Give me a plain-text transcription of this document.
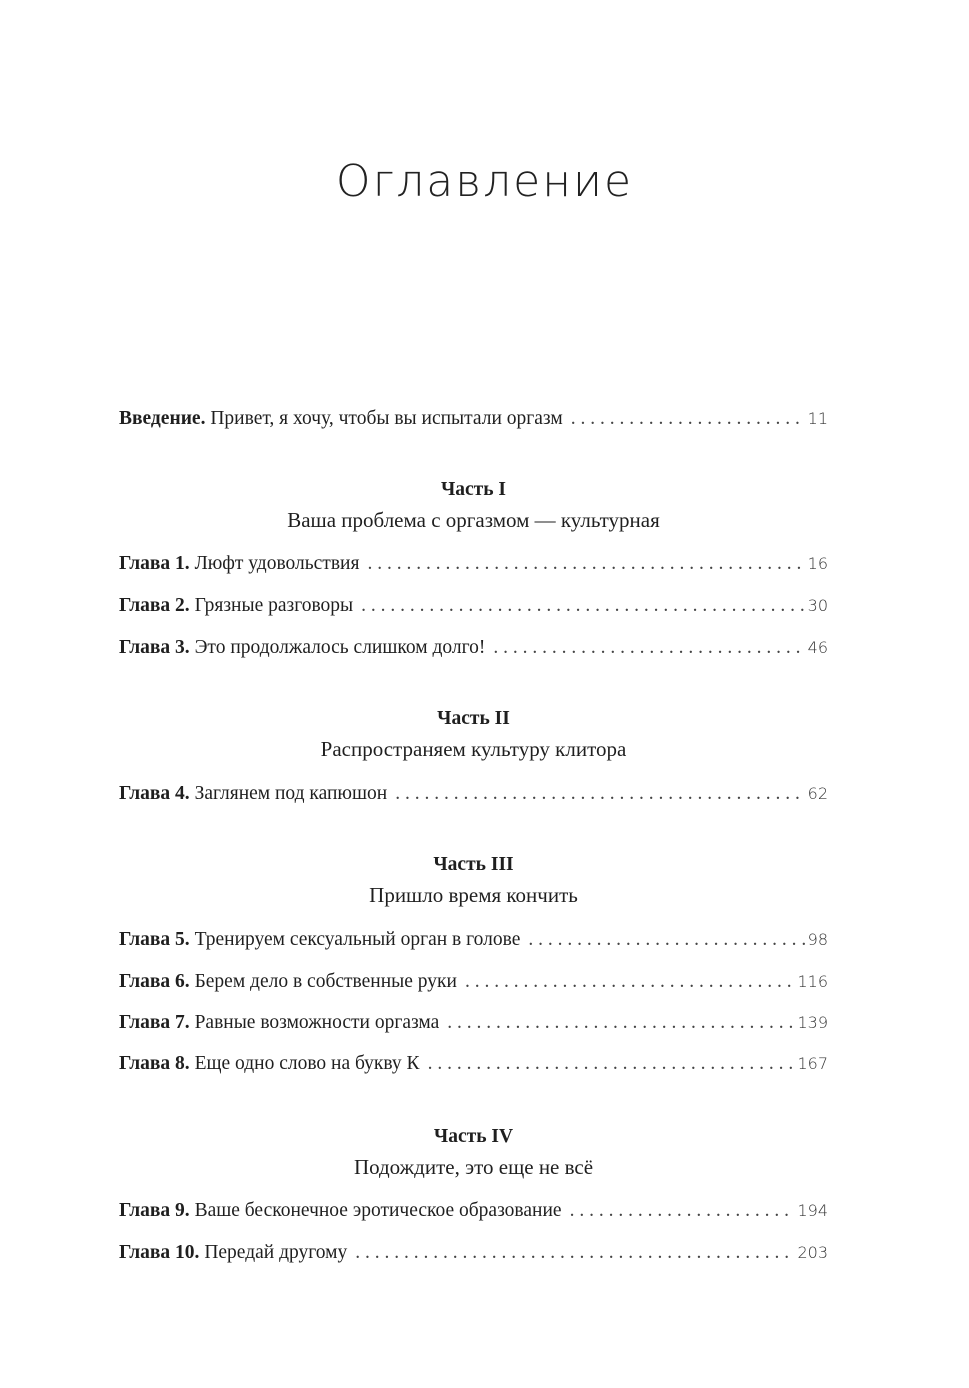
Оглавление
Введение. Привет, я хочу, чтобы вы испытали оргазм . . .	11
Часть I
Ваша проблема с оргазмом — культурная
Глава 1. Люфт удовольствия . . .	16
Глава 2. Грязные разговоры . . .	30
Глава 3. Это продолжалось слишком долго! . . .	46
Часть II
Распространяем культуру клитора
Глава 4. Заглянем под капюшон . . .	62
Часть III
Пришло время кончить
Глава 5. Тренируем сексуальный орган в голове . . .	98
Глава 6. Берем дело в собственные руки . . .	116
Глава 7. Равные возможности оргазма . . .	139
Глава 8. Еще одно слово на букву К . . .	167
Часть IV
Подождите, это еще не всё
Глава 9. Ваше бесконечное эротическое образование . . .	194
Глава 10. Передай другому . . .	203
